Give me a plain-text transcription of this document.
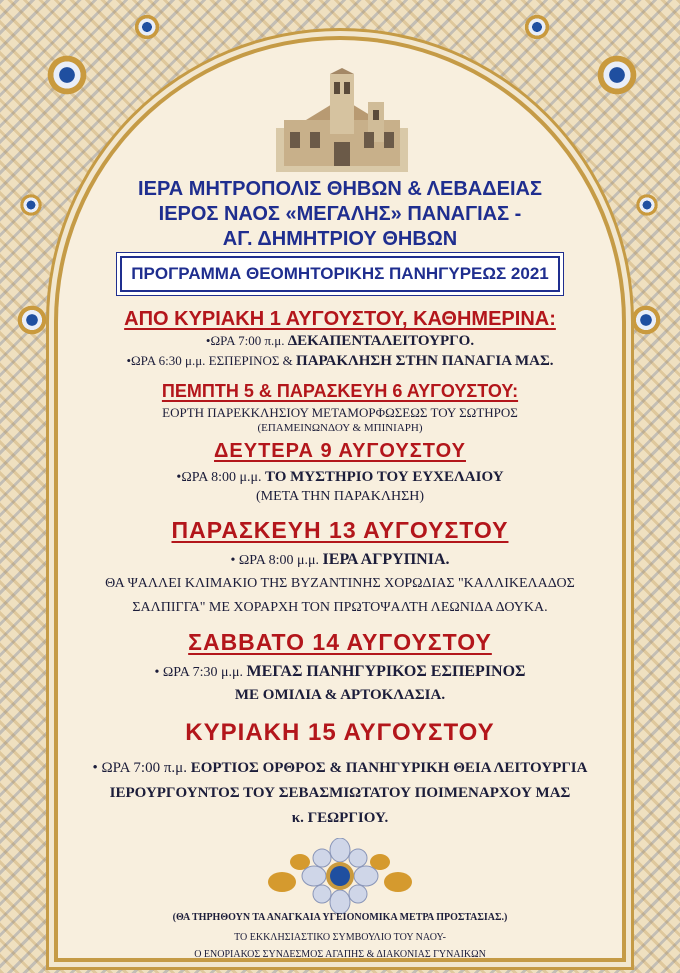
ΙΕΡΑ ΜΗΤΡΟΠΟΛΙΣ ΘΗΒΩΝ & ΛΕΒΑΔΕΙΑΣ
ΙΕΡΟΣ ΝΑΟΣ «ΜΕΓΑΛΗΣ» ΠΑΝΑΓΙΑΣ -
ΑΓ. ΔΗΜΗΤΡΙΟΥ ΘΗΒΩΝ
ΠΡΟΓΡΑΜΜΑ ΘΕΟΜΗΤΟΡΙΚΗΣ ΠΑΝΗΓΥΡΕΩΣ 2021
ΑΠΟ ΚΥΡΙΑΚΗ 1 ΑΥΓΟΥΣΤΟΥ, ΚΑΘΗΜΕΡΙΝΑ:
•ΩΡΑ 7:00 π.μ. ΔΕΚΑΠΕΝΤΑΛΕΙΤΟΥΡΓΟ.
•ΩΡΑ 6:30 μ.μ. ΕΣΠΕΡΙΝΟΣ & ΠΑΡΑΚΛΗΣΗ ΣΤΗΝ ΠΑΝΑΓΙΑ ΜΑΣ.
ΠΕΜΠΤΗ 5 & ΠΑΡΑΣΚΕΥΗ 6 ΑΥΓΟΥΣΤΟΥ:
ΕΟΡΤΗ ΠΑΡΕΚΚΛΗΣΙΟΥ ΜΕΤΑΜΟΡΦΩΣΕΩΣ ΤΟΥ ΣΩΤΗΡΟΣ
(ΕΠΑΜΕΙΝΩΝΔΟΥ & ΜΠΙΝΙΑΡΗ)
ΔΕΥΤΕΡΑ 9 ΑΥΓΟΥΣΤΟΥ
•ΩΡΑ 8:00 μ.μ. ΤΟ ΜΥΣΤΗΡΙΟ ΤΟΥ ΕΥΧΕΛΑΙΟΥ
(ΜΕΤΑ ΤΗΝ ΠΑΡΑΚΛΗΣΗ)
ΠΑΡΑΣΚΕΥΗ 13 ΑΥΓΟΥΣΤΟΥ
• ΩΡΑ 8:00 μ.μ. ΙΕΡΑ ΑΓΡΥΠΝΙΑ.
ΘΑ ΨΑΛΛΕΙ ΚΛΙΜΑΚΙΟ ΤΗΣ ΒΥΖΑΝΤΙΝΗΣ ΧΟΡΩΔΙΑΣ "ΚΑΛΛΙΚΕΛΑΔΟΣ
ΣΑΛΠΙΓΓΑ" ΜΕ ΧΟΡΑΡΧΗ ΤΟΝ ΠΡΩΤΟΨΑΛΤΗ ΛΕΩΝΙΔΑ ΔΟΥΚΑ.
ΣΑΒΒΑΤΟ 14 ΑΥΓΟΥΣΤΟΥ
• ΩΡΑ 7:30 μ.μ. ΜΕΓΑΣ ΠΑΝΗΓΥΡΙΚΟΣ ΕΣΠΕΡΙΝΟΣ
ΜΕ ΟΜΙΛΙΑ & ΑΡΤΟΚΛΑΣΙΑ.
ΚΥΡΙΑΚΗ 15 ΑΥΓΟΥΣΤΟΥ
• ΩΡΑ 7:00 π.μ. ΕΟΡΤΙΟΣ ΟΡΘΡΟΣ & ΠΑΝΗΓΥΡΙΚΗ ΘΕΙΑ ΛΕΙΤΟΥΡΓΙΑ
ΙΕΡΟΥΡΓΟΥΝΤΟΣ ΤΟΥ ΣΕΒΑΣΜΙΩΤΑΤΟΥ ΠΟΙΜΕΝΑΡΧΟΥ ΜΑΣ
κ. ΓΕΩΡΓΙΟΥ.
(ΘΑ ΤΗΡΗΘΟΥΝ ΤΑ ΑΝΑΓΚΑΙΑ ΥΓΕΙΟΝΟΜΙΚΑ ΜΕΤΡΑ ΠΡΟΣΤΑΣΙΑΣ.)
ΤΟ ΕΚΚΛΗΣΙΑΣΤΙΚΟ ΣΥΜΒΟΥΛΙΟ ΤΟΥ ΝΑΟΥ-
Ο ΕΝΟΡΙΑΚΟΣ ΣΥΝΔΕΣΜΟΣ ΑΓΑΠΗΣ & ΔΙΑΚΟΝΙΑΣ ΓΥΝΑΙΚΩΝ
